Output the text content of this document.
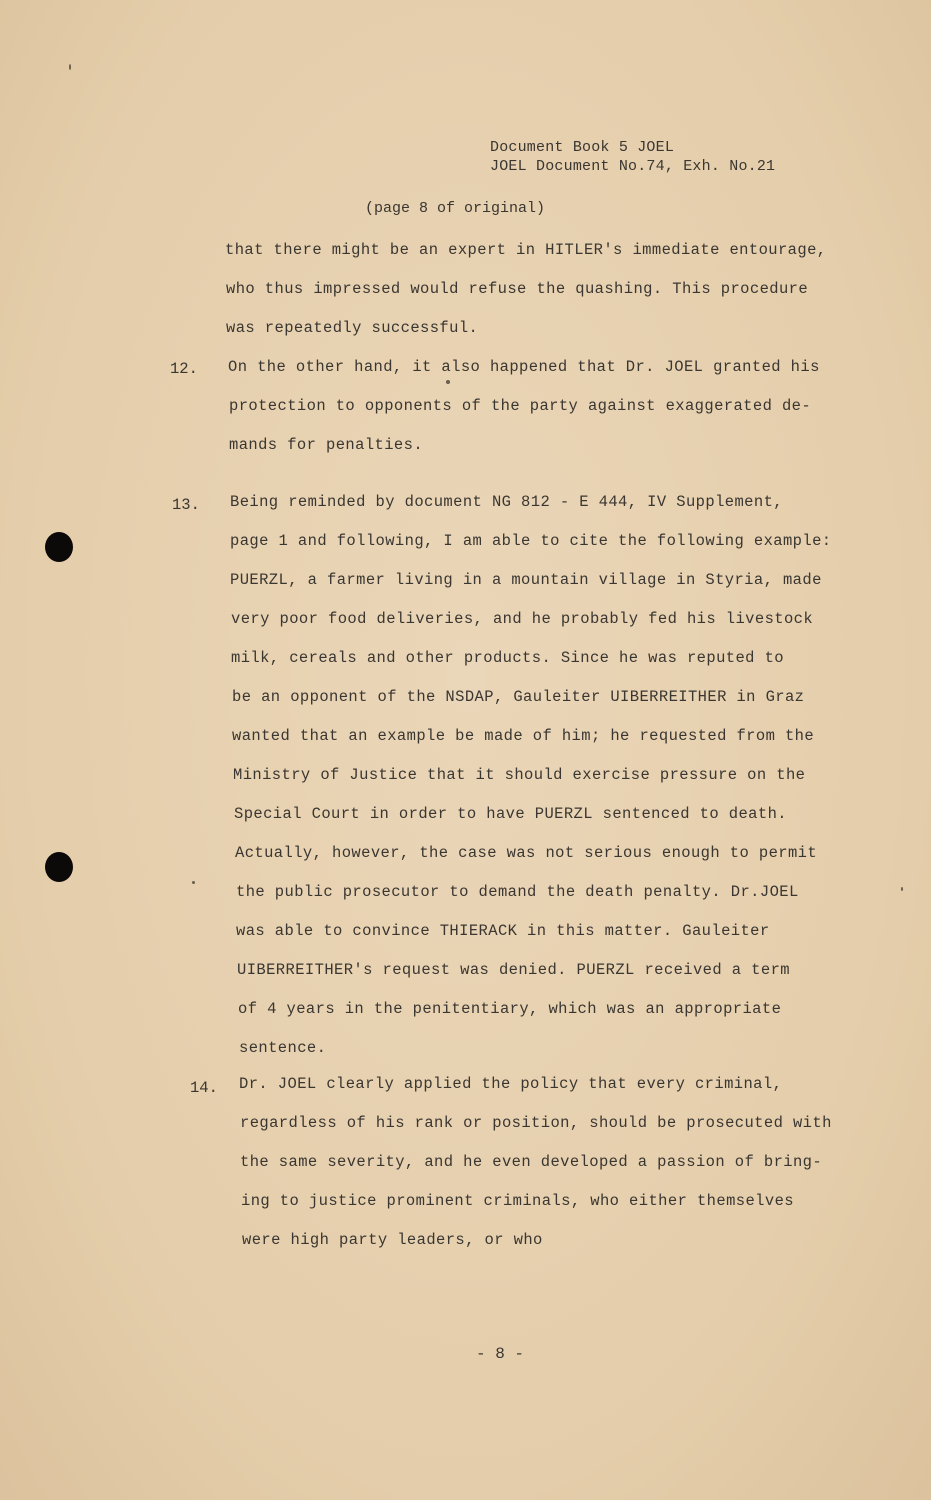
Document Book 5 JOEL
JOEL Document No.74, Exh. No.21
(page 8 of original)
that there might be an expert in HITLER's immediate entourage,
who thus impressed would refuse the quashing. This procedure
was repeatedly successful.
12. On the other hand, it also happened that Dr. JOEL granted his
protection to opponents of the party against exaggerated de-
mands for penalties.
13. Being reminded by document NG 812 - E 444, IV Supplement,
page 1 and following, I am able to cite the following example:
PUERZL, a farmer living in a mountain village in Styria, made
very poor food deliveries, and he probably fed his livestock
milk, cereals and other products. Since he was reputed to
be an opponent of the NSDAP, Gauleiter UIBERREITHER in Graz
wanted that an example be made of him; he requested from the
Ministry of Justice that it should exercise pressure on the
Special Court in order to have PUERZL sentenced to death.
Actually, however, the case was not serious enough to permit
the public prosecutor to demand the death penalty. Dr.JOEL
was able to convince THIERACK in this matter. Gauleiter
UIBERREITHER's request was denied. PUERZL received a term
of 4 years in the penitentiary, which was an appropriate
sentence.
14. Dr. JOEL clearly applied the policy that every criminal,
regardless of his rank or position, should be prosecuted with
the same severity, and he even developed a passion of bring-
ing to justice prominent criminals, who either themselves
were high party leaders, or who
- 8 -
